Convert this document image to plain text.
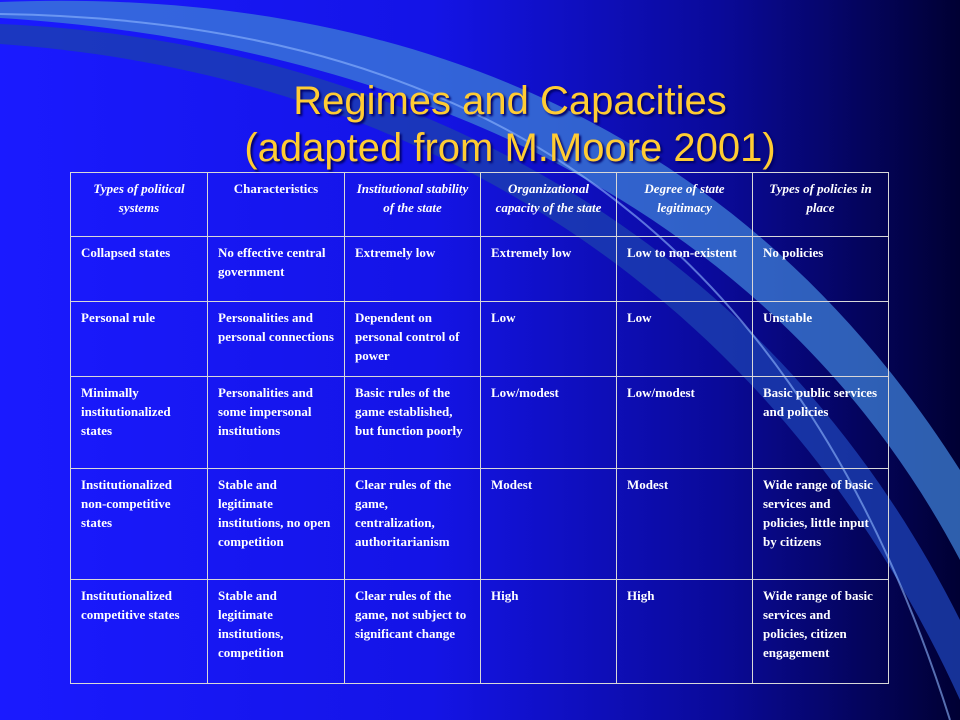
Regimes and Capacities
(adapted from M.Moore 2001)
Types of political systems	Characteristics	Institutional stability of the state	Organizational capacity of the state	Degree of state legitimacy	Types of policies in place
Collapsed states	No effective central government	Extremely low	Extremely low	Low to non-existent	No policies
Personal rule	Personalities and personal connections	Dependent on personal control of power	Low	Low	Unstable
Minimally institutionalized states	Personalities and some impersonal institutions	Basic rules of the game established, but function poorly	Low/modest	Low/modest	Basic public services and policies
Institutionalized non-competitive states	Stable and legitimate institutions, no open competition	Clear rules of the game, centralization, authoritarianism	Modest	Modest	Wide range of basic services and policies, little input by citizens
Institutionalized competitive states	Stable and legitimate institutions, competition	Clear rules of the game, not subject to significant change	High	High	Wide range of basic services and policies, citizen engagement
